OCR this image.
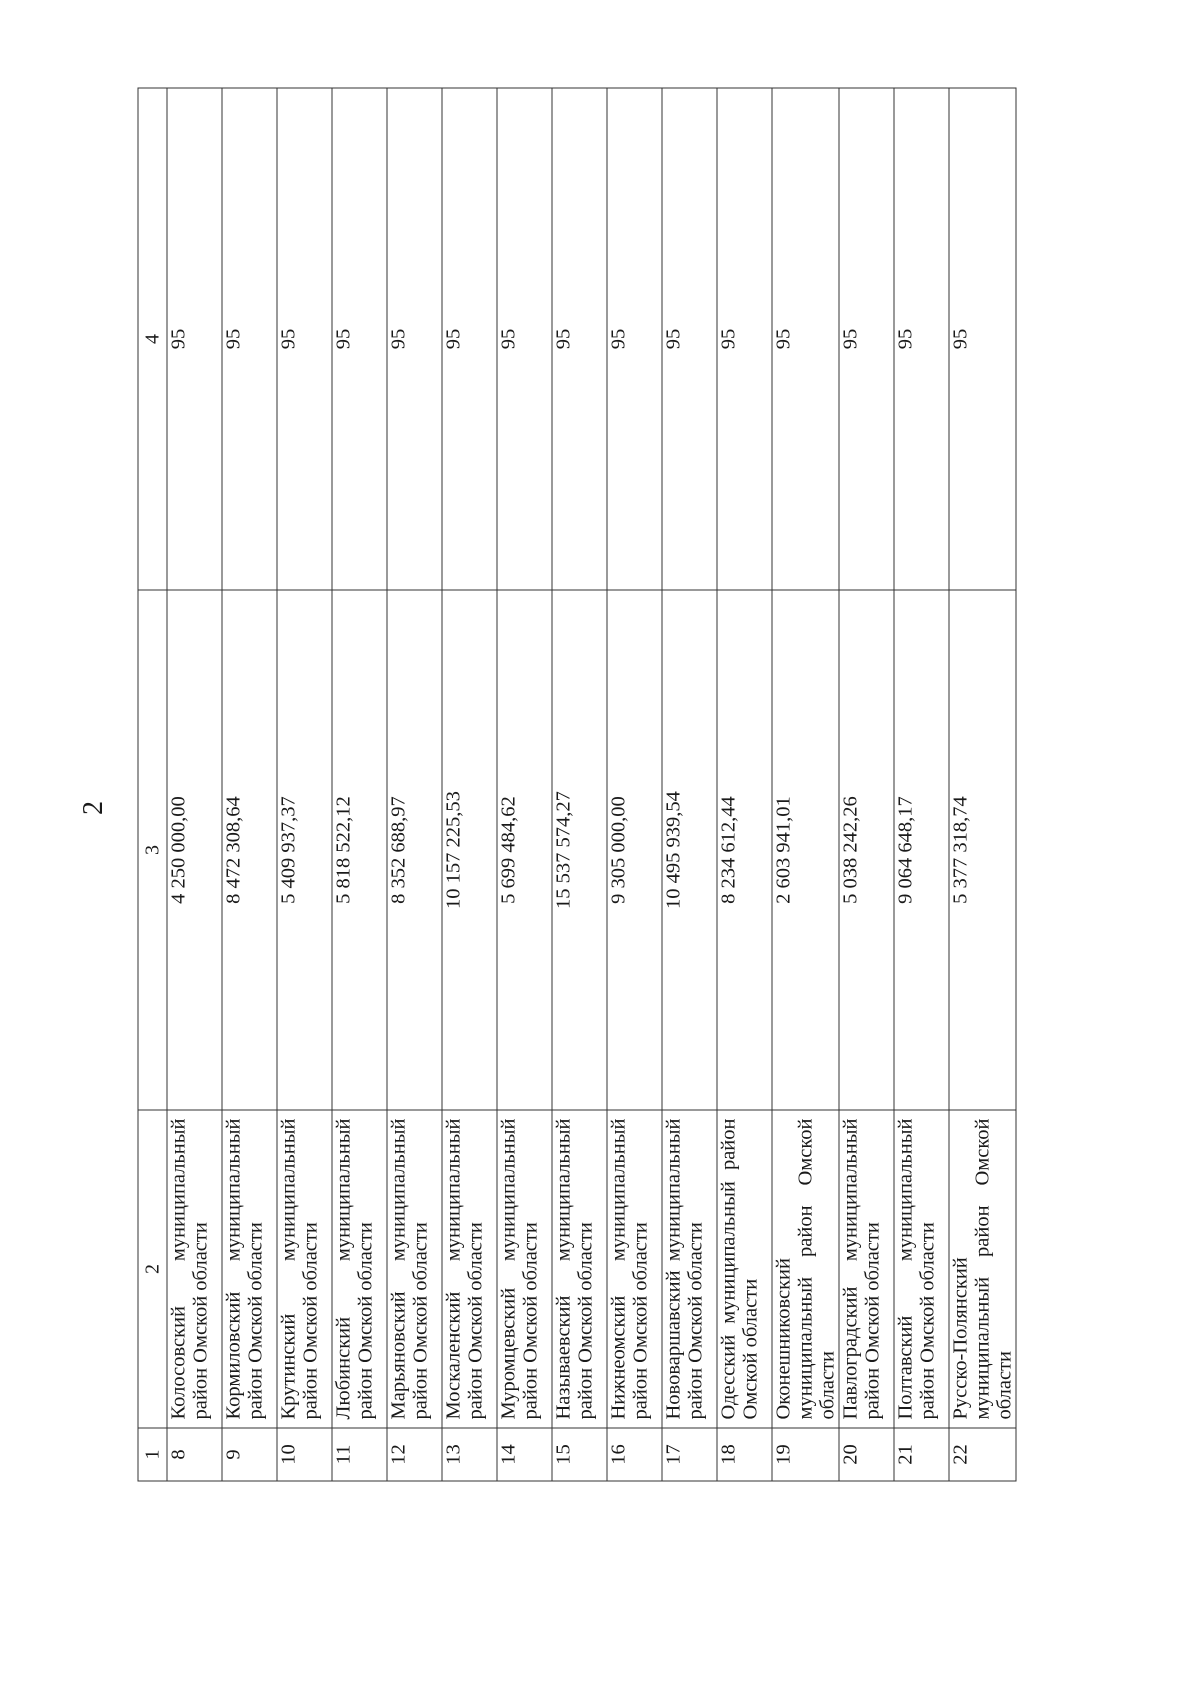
2
1	2	3	4
8	Колосовский муниципальный район Омской области	4 250 000,00	95
9	Кормиловский муниципальный район Омской области	8 472 308,64	95
10	Крутинский муниципальный район Омской области	5 409 937,37	95
11	Любинский муниципальный район Омской области	5 818 522,12	95
12	Марьяновский муниципальный район Омской области	8 352 688,97	95
13	Москаленский муниципальный район Омской области	10 157 225,53	95
14	Муромцевский муниципальный район Омской области	5 699 484,62	95
15	Называевский муниципальный район Омской области	15 537 574,27	95
16	Нижнеомский муниципальный район Омской области	9 305 000,00	95
17	Нововаршавский муниципальный район Омской области	10 495 939,54	95
18	Одесский муниципальный район Омской области	8 234 612,44	95
19	Оконешниковский муниципальный район Омской области	2 603 941,01	95
20	Павлоградский муниципальный район Омской области	5 038 242,26	95
21	Полтавский муниципальный район Омской области	9 064 648,17	95
22	Русско-Полянский муниципальный район Омской области	5 377 318,74	95
